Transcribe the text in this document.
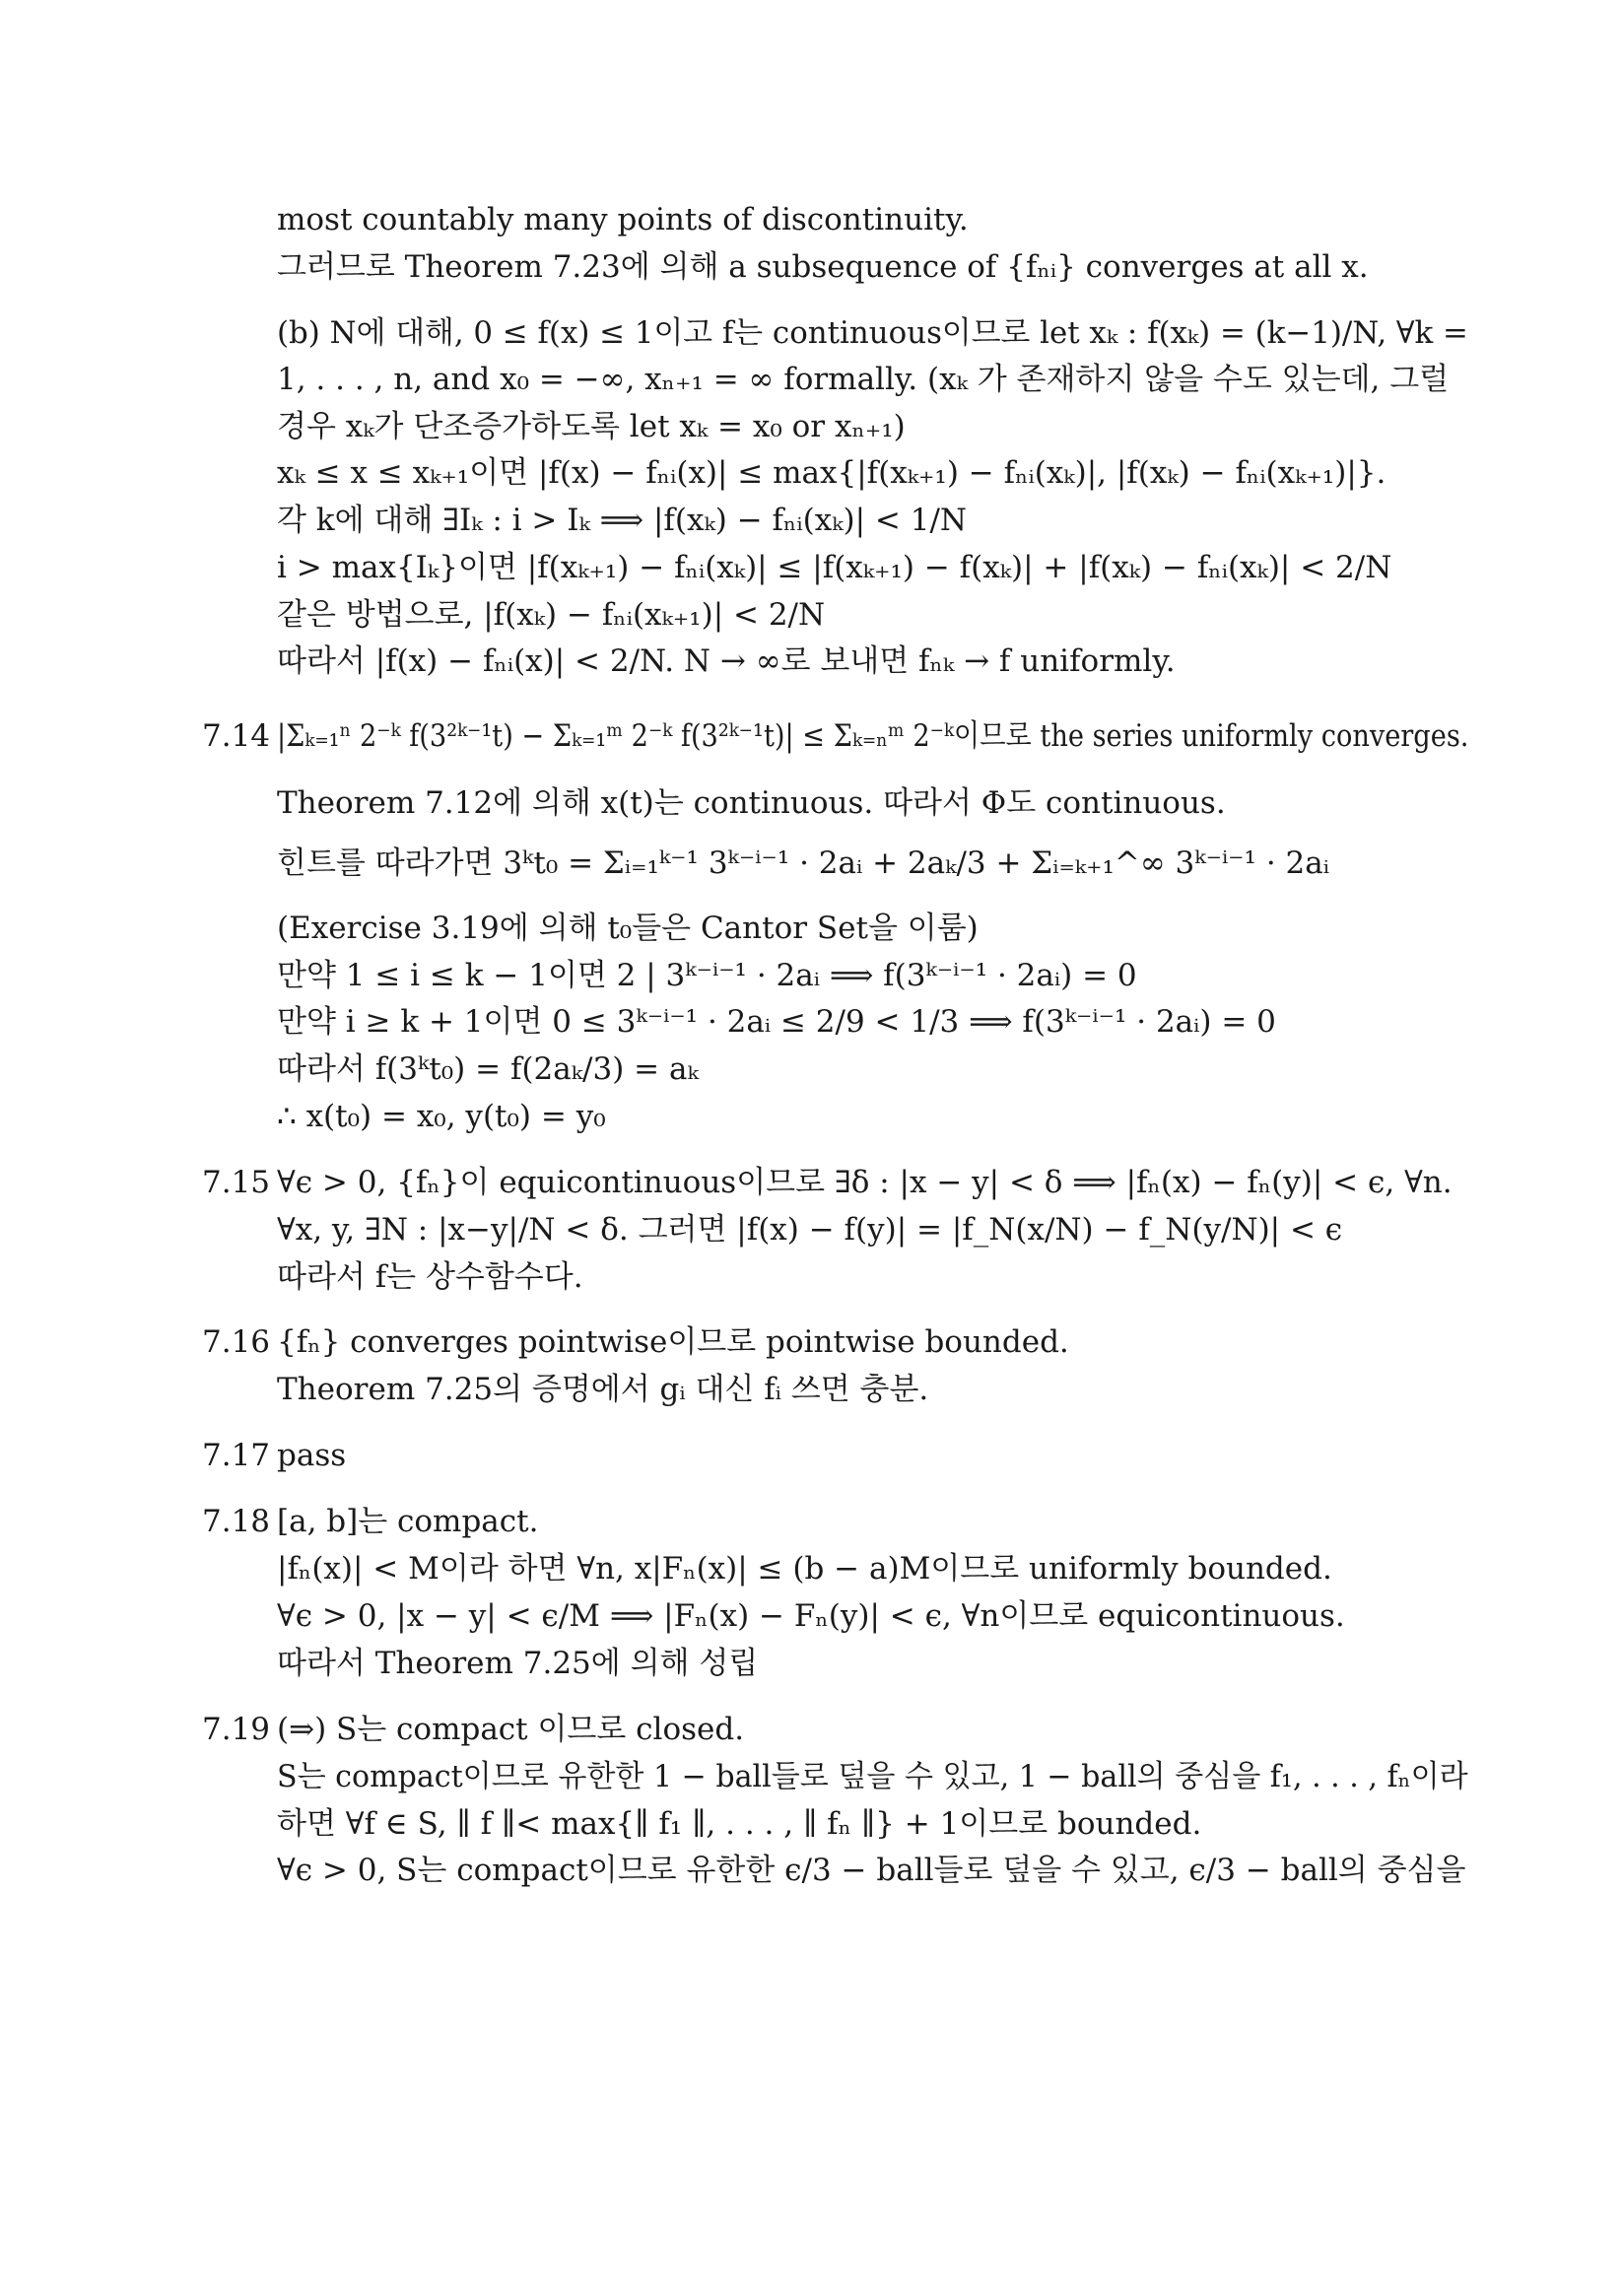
most countably many points of discontinuity.
그러므로 Theorem 7.23에 의해 a subsequence of {fₙᵢ} converges at all x.
(b) N에 대해, 0 ≤ f(x) ≤ 1이고 f는 continuous이므로 let xₖ : f(xₖ) = (k−1)/N, ∀k =
1, . . . , n, and x₀ = −∞, xₙ₊₁ = ∞ formally. (xₖ 가 존재하지 않을 수도 있는데, 그럴
경우 xₖ가 단조증가하도록 let xₖ = x₀ or xₙ₊₁)
xₖ ≤ x ≤ xₖ₊₁이면 |f(x) − fₙᵢ(x)| ≤ max{|f(xₖ₊₁) − fₙᵢ(xₖ)|, |f(xₖ) − fₙᵢ(xₖ₊₁)|}.
각 k에 대해 ∃Iₖ : i > Iₖ ⟹ |f(xₖ) − fₙᵢ(xₖ)| < 1/N
i > max{Iₖ}이면 |f(xₖ₊₁) − fₙᵢ(xₖ)| ≤ |f(xₖ₊₁) − f(xₖ)| + |f(xₖ) − fₙᵢ(xₖ)| < 2/N
같은 방법으로, |f(xₖ) − fₙᵢ(xₖ₊₁)| < 2/N
따라서 |f(x) − fₙᵢ(x)| < 2/N. N → ∞로 보내면 fₙₖ → f uniformly.
7.14 |Σₖ₌₁ⁿ 2⁻ᵏ f(3²ᵏ⁻¹t) − Σₖ₌₁ᵐ 2⁻ᵏ f(3²ᵏ⁻¹t)| ≤ Σₖ₌ₙᵐ 2⁻ᵏ이므로 the series uniformly converges.
Theorem 7.12에 의해 x(t)는 continuous. 따라서 Φ도 continuous.
힌트를 따라가면 3ᵏt₀ = Σᵢ₌₁ᵏ⁻¹ 3ᵏ⁻ⁱ⁻¹ · 2aᵢ + 2aₖ/3 + Σᵢ₌ₖ₊₁^∞ 3ᵏ⁻ⁱ⁻¹ · 2aᵢ
(Exercise 3.19에 의해 t₀들은 Cantor Set을 이룸)
만약 1 ≤ i ≤ k − 1이면 2 | 3ᵏ⁻ⁱ⁻¹ · 2aᵢ ⟹ f(3ᵏ⁻ⁱ⁻¹ · 2aᵢ) = 0
만약 i ≥ k + 1이면 0 ≤ 3ᵏ⁻ⁱ⁻¹ · 2aᵢ ≤ 2/9 < 1/3 ⟹ f(3ᵏ⁻ⁱ⁻¹ · 2aᵢ) = 0
따라서 f(3ᵏt₀) = f(2aₖ/3) = aₖ
∴ x(t₀) = x₀, y(t₀) = y₀
7.15 ∀ϵ > 0, {fₙ}이 equicontinuous이므로 ∃δ : |x − y| < δ ⟹ |fₙ(x) − fₙ(y)| < ϵ, ∀n.
∀x, y, ∃N : |x−y|/N < δ. 그러면 |f(x) − f(y)| = |f_N(x/N) − f_N(y/N)| < ϵ
따라서 f는 상수함수다.
7.16 {fₙ} converges pointwise이므로 pointwise bounded.
Theorem 7.25의 증명에서 gᵢ 대신 fᵢ 쓰면 충분.
7.17 pass
7.18 [a, b]는 compact.
|fₙ(x)| < M이라 하면 ∀n, x|Fₙ(x)| ≤ (b − a)M이므로 uniformly bounded.
∀ϵ > 0, |x − y| < ϵ/M ⟹ |Fₙ(x) − Fₙ(y)| < ϵ, ∀n이므로 equicontinuous.
따라서 Theorem 7.25에 의해 성립
7.19 (⇒) S는 compact 이므로 closed.
S는 compact이므로 유한한 1 − ball들로 덮을 수 있고, 1 − ball의 중심을 f₁, . . . , fₙ이라
하면 ∀f ∈ S, ∥ f ∥< max{∥ f₁ ∥, . . . , ∥ fₙ ∥} + 1이므로 bounded.
∀ϵ > 0, S는 compact이므로 유한한 ϵ/3 − ball들로 덮을 수 있고, ϵ/3 − ball의 중심을
